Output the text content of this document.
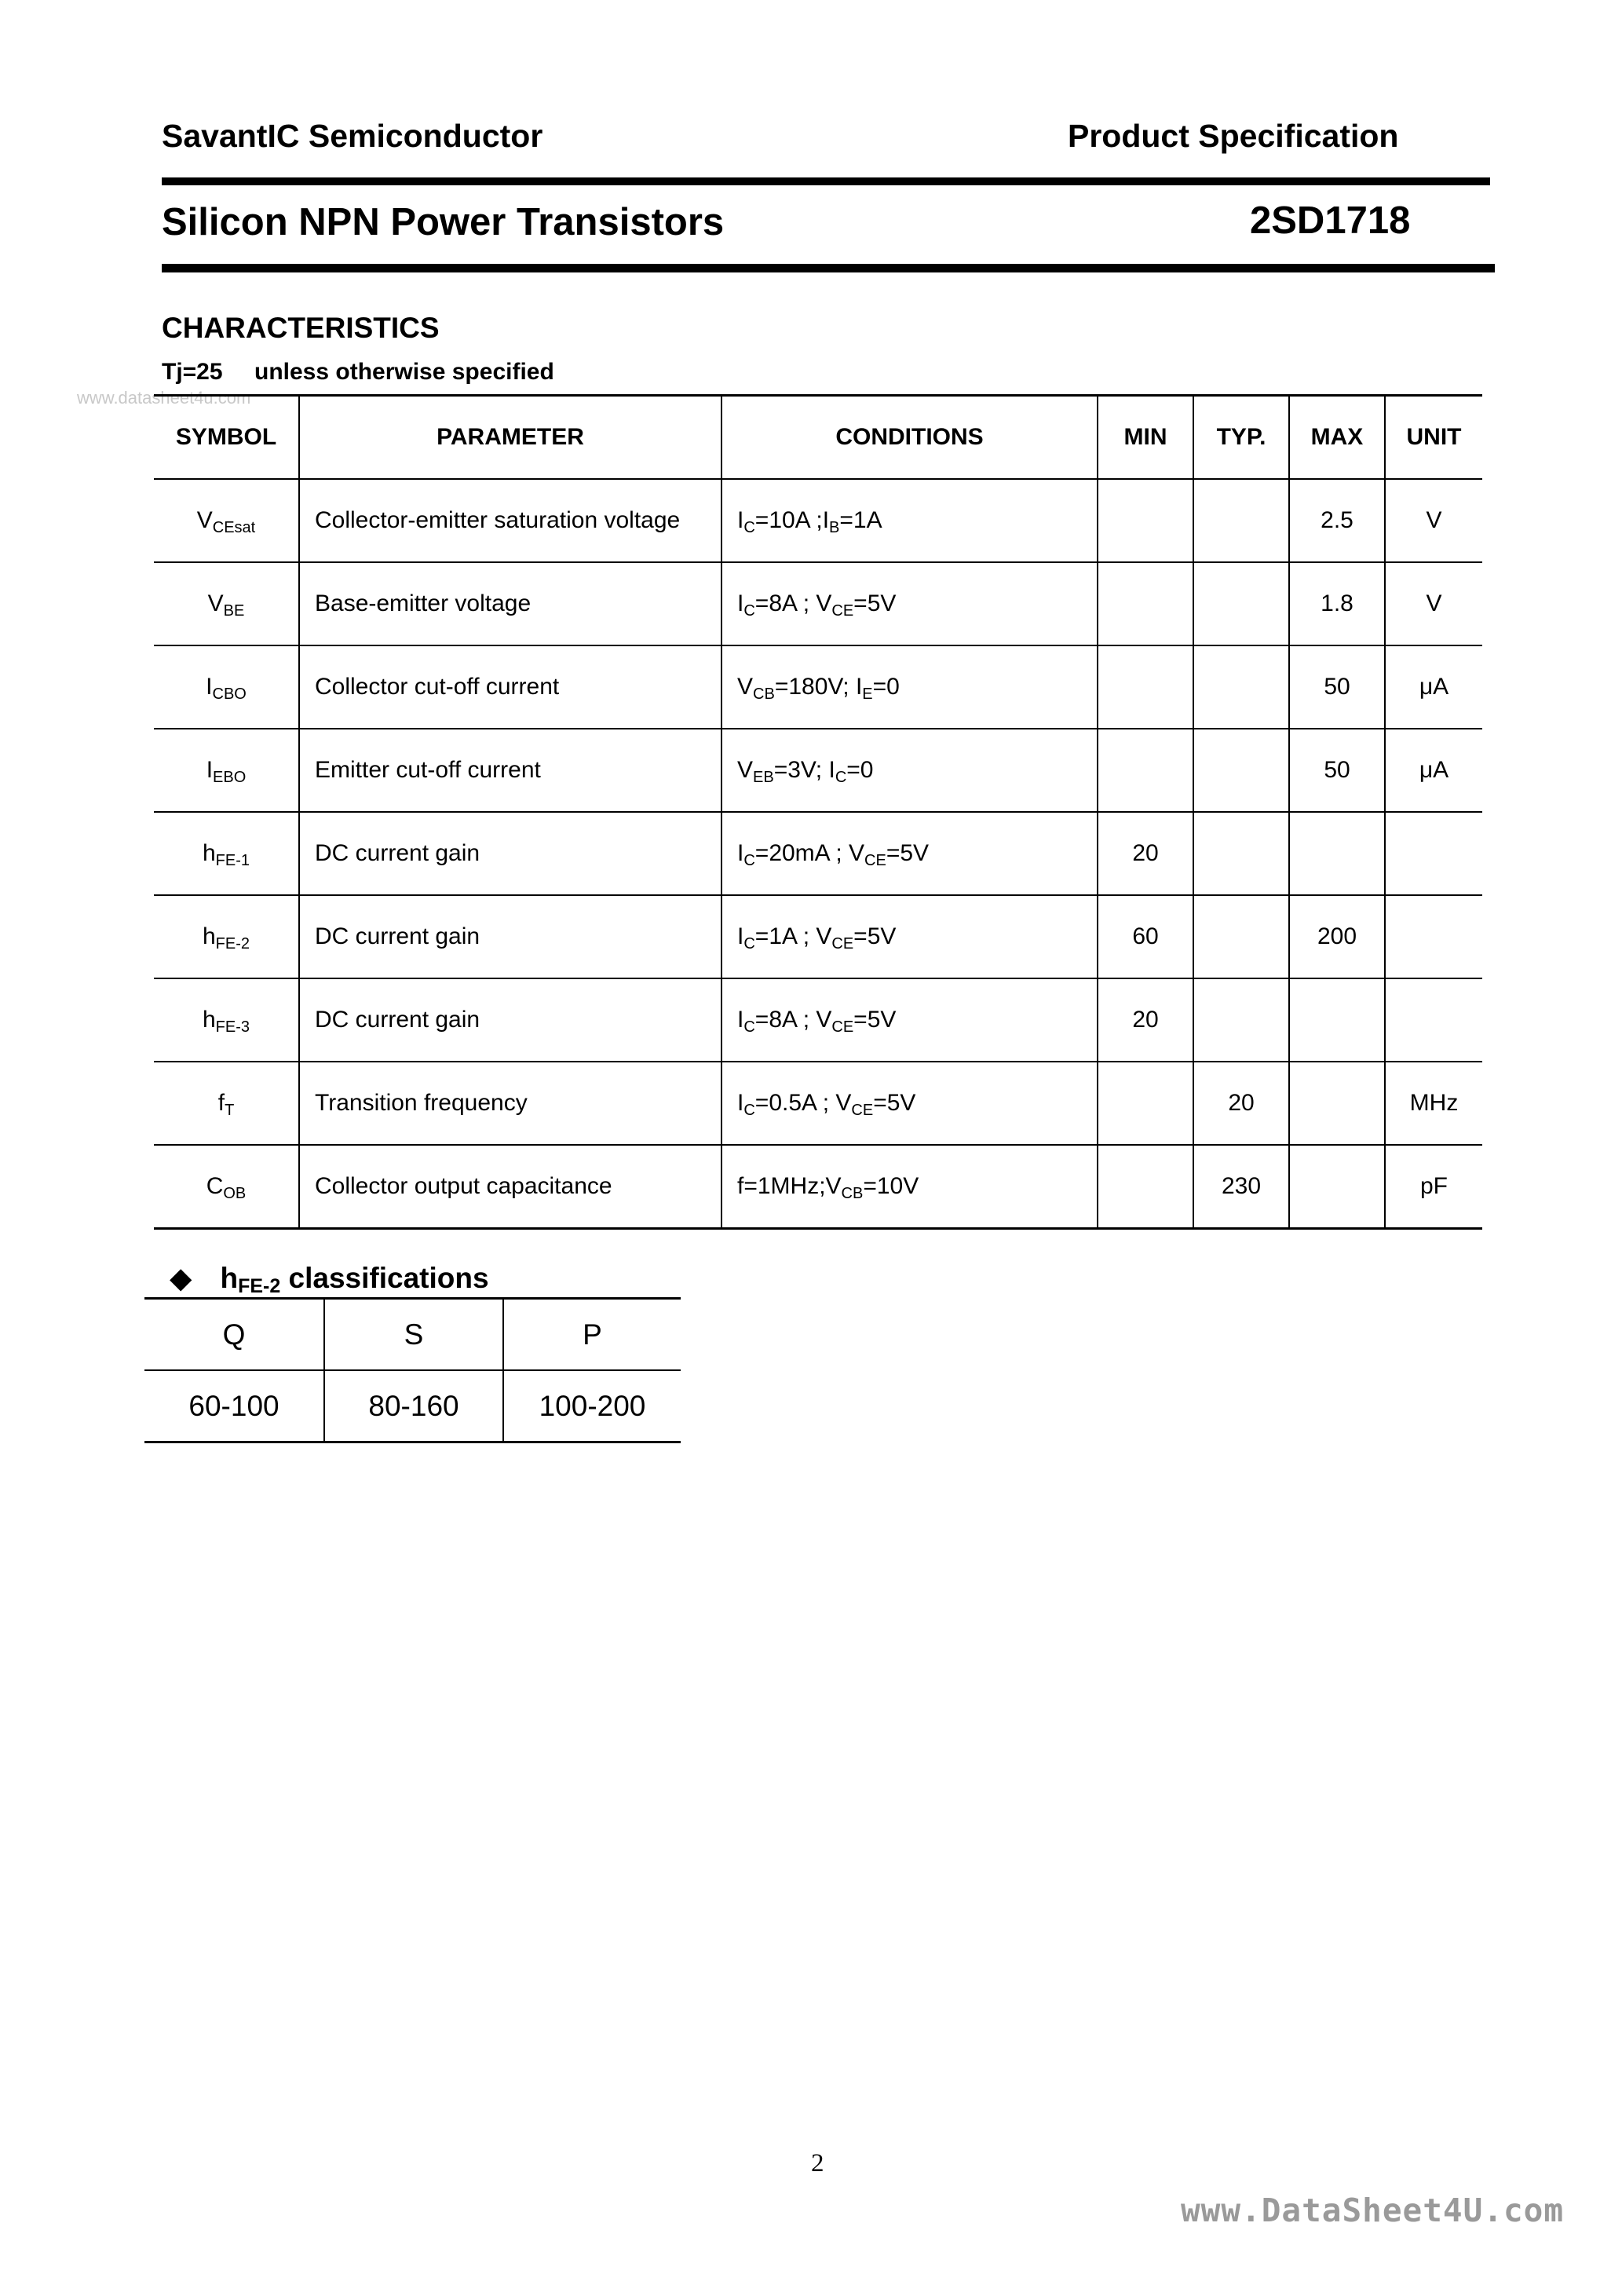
SavantIC Semiconductor	Product Specification
Silicon NPN Power Transistors	2SD1718
CHARACTERISTICS
Tj=25 unless otherwise specified
www.datasheet4u.com
SYMBOL	PARAMETER	CONDITIONS	MIN	TYP.	MAX	UNIT
$V_{CEsat}$	Collector-emitter saturation voltage	$I_C=10A$ $;I_B=1A$			2.5	V
$V_{BE}$	Base-emitter voltage	$I_C=8A$ ; $V_{CE}=5V$			1.8	V
$I_{CBO}$	Collector cut-off current	$V_{CB}=180V$; $I_E=0$			50	μA
$I_{EBO}$	Emitter cut-off current	$V_{EB}=3V$; $I_C=0$			50	μA
$h_{FE-1}$	DC current gain	$I_C=20mA$ ; $V_{CE}=5V$	20			
$h_{FE-2}$	DC current gain	$I_C=1A$ ; $V_{CE}=5V$	60		200	
$h_{FE-3}$	DC current gain	$I_C=8A$ ; $V_{CE}=5V$	20			
$f_T$	Transition frequency	$I_C=0.5A$ ; $V_{CE}=5V$		20		MHz
$C_{OB}$	Collector output capacitance	$f=1MHz;V_{CB}=10V$		230		pF
◆ $h_{FE-2}$ classifications
Q	S	P
60-100	80-160	100-200
2
www.DataSheet4U.com
